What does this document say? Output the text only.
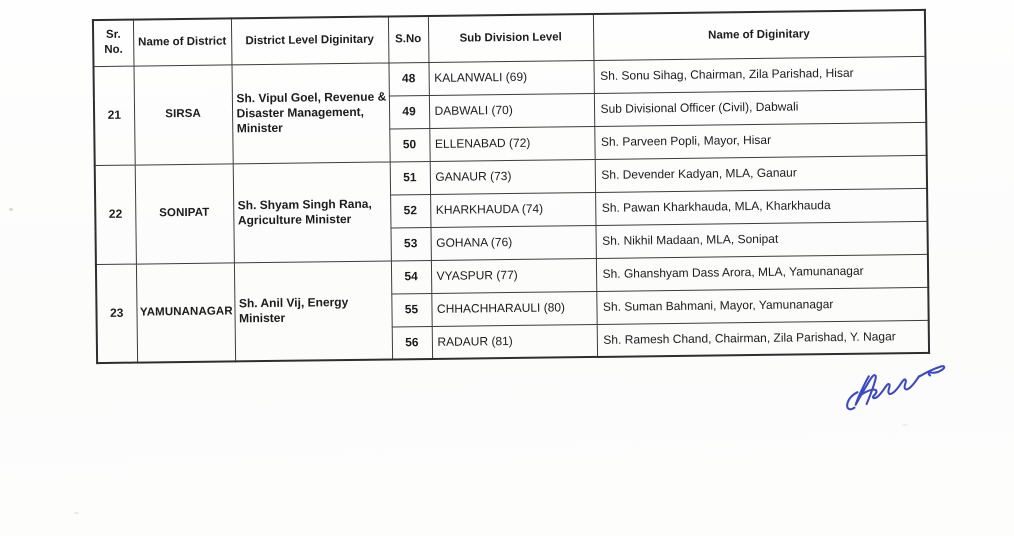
Sr. No.	Name of District	District Level Diginitary	S.No	Sub Division Level	Name of Diginitary
21	SIRSA	Sh. Vipul Goel, Revenue & Disaster Management, Minister	48	KALANWALI (69)	Sh. Sonu Sihag, Chairman, Zila Parishad, Hisar
			49	DABWALI (70)	Sub Divisional Officer (Civil), Dabwali
			50	ELLENABAD (72)	Sh. Parveen Popli, Mayor, Hisar
22	SONIPAT	Sh. Shyam Singh Rana, Agriculture Minister	51	GANAUR (73)	Sh. Devender Kadyan, MLA, Ganaur
			52	KHARKHAUDA (74)	Sh. Pawan Kharkhauda, MLA, Kharkhauda
			53	GOHANA (76)	Sh. Nikhil Madaan, MLA, Sonipat
23	YAMUNANAGAR	Sh. Anil Vij, Energy Minister	54	VYASPUR (77)	Sh. Ghanshyam Dass Arora, MLA, Yamunanagar
			55	CHHACHHARAULI (80)	Sh. Suman Bahmani, Mayor, Yamunanagar
			56	RADAUR (81)	Sh. Ramesh Chand, Chairman, Zila Parishad, Y. Nagar
